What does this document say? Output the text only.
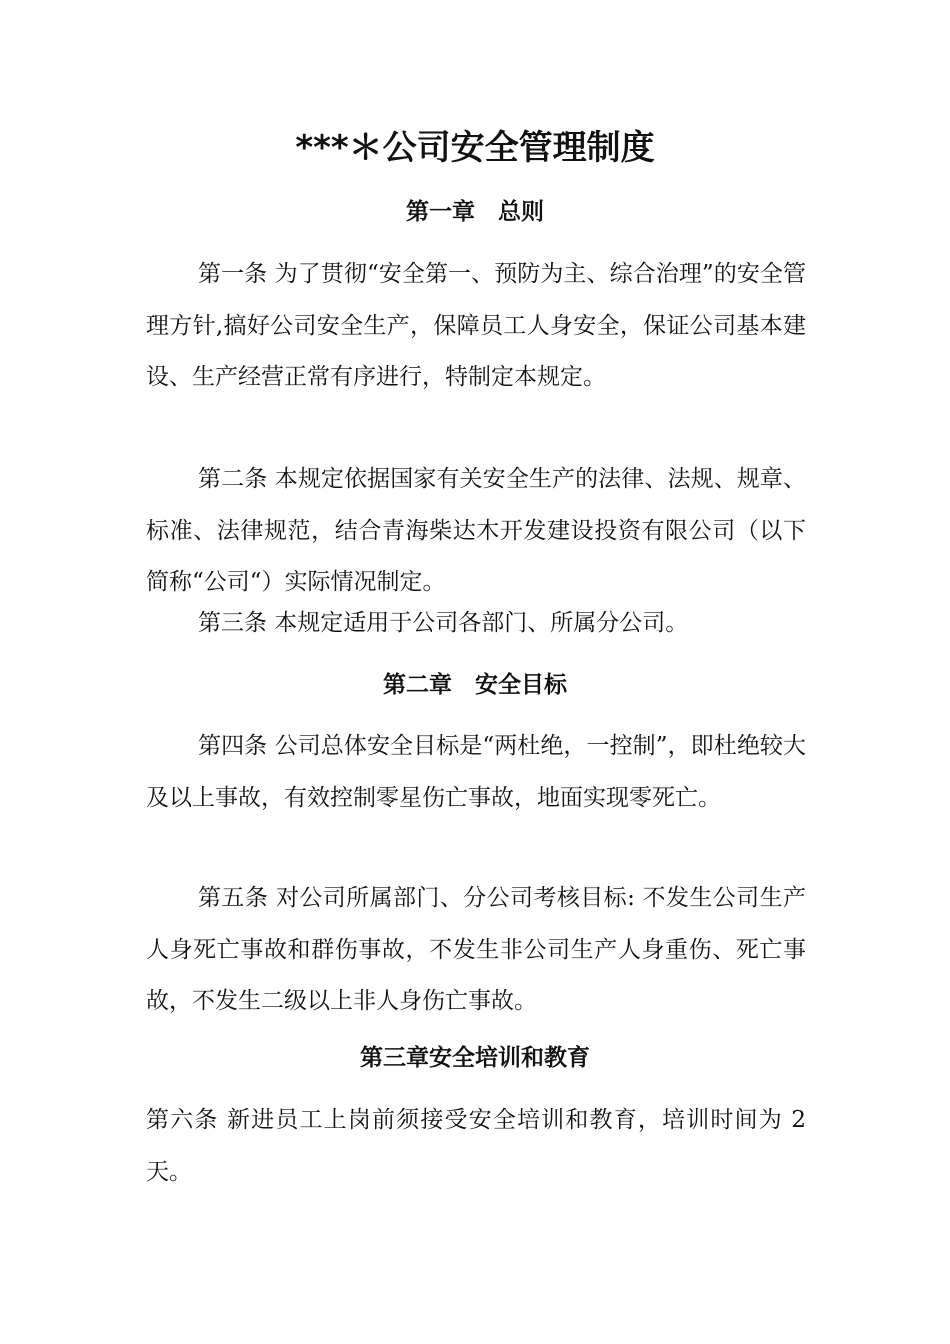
***＊公司安全管理制度
第一章　总则

第一条 为了贯彻“安全第一、预防为主、综合治理”的安全管理方针,搞好公司安全生产，保障员工人身安全，保证公司基本建设、生产经营正常有序进行，特制定本规定。

第二条 本规定依据国家有关安全生产的法律、法规、规章、标准、法律规范，结合青海柴达木开发建设投资有限公司（以下简称“公司“）实际情况制定。

第三条 本规定适用于公司各部门、所属分公司。

第二章　安全目标

第四条 公司总体安全目标是“两杜绝，一控制”，即杜绝较大及以上事故，有效控制零星伤亡事故，地面实现零死亡。

第五条 对公司所属部门、分公司考核目标: 不发生公司生产人身死亡事故和群伤事故，不发生非公司生产人身重伤、死亡事故，不发生二级以上非人身伤亡事故。

第三章安全培训和教育

第六条 新进员工上岗前须接受安全培训和教育，培训时间为 2 天。
